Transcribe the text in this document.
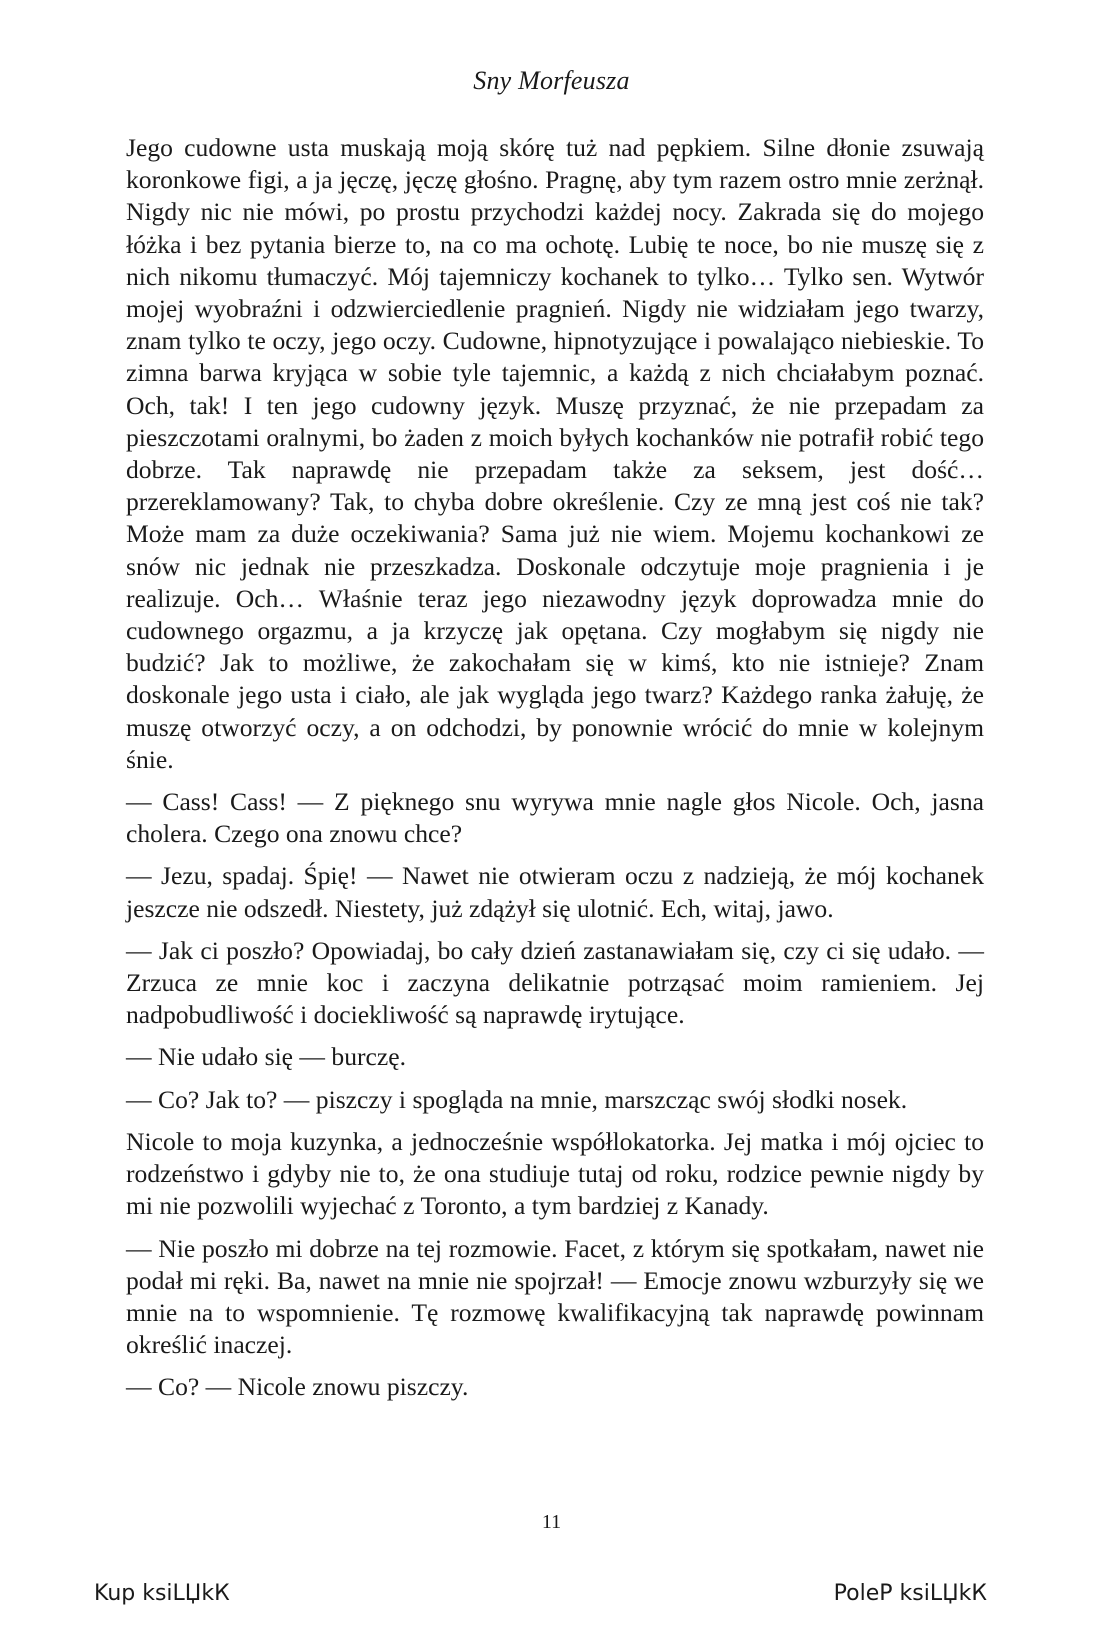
Sny Morfeusza

Jego cudowne usta muskają moją skórę tuż nad pępkiem. Silne dłonie zsuwają koronkowe figi, a ja jęczę, jęczę głośno. Pragnę, aby tym razem ostro mnie zerżnął. Nigdy nic nie mówi, po prostu przychodzi każdej nocy. Zakrada się do mojego łóżka i bez pytania bierze to, na co ma ochotę. Lubię te noce, bo nie muszę się z nich nikomu tłumaczyć. Mój tajemniczy kochanek to tylko… Tylko sen. Wytwór mojej wyobraźni i odzwierciedlenie pragnień. Nigdy nie widziałam jego twarzy, znam tylko te oczy, jego oczy. Cudowne, hipnotyzujące i powalająco niebieskie. To zimna barwa kryjąca w sobie tyle tajemnic, a każdą z nich chciałabym poznać. Och, tak! I ten jego cudowny język. Muszę przyznać, że nie przepadam za pieszczotami oralnymi, bo żaden z moich byłych kochanków nie potrafił robić tego dobrze. Tak naprawdę nie przepadam także za seksem, jest dość… przereklamowany? Tak, to chyba dobre określenie. Czy ze mną jest coś nie tak? Może mam za duże oczekiwania? Sama już nie wiem. Mojemu kochankowi ze snów nic jednak nie przeszkadza. Doskonale odczytuje moje pragnienia i je realizuje. Och… Właśnie teraz jego niezawodny język doprowadza mnie do cudownego orgazmu, a ja krzyczę jak opętana. Czy mogłabym się nigdy nie budzić? Jak to możliwe, że zakochałam się w kimś, kto nie istnieje? Znam doskonale jego usta i ciało, ale jak wygląda jego twarz? Każdego ranka żałuję, że muszę otworzyć oczy, a on odchodzi, by ponownie wrócić do mnie w kolejnym śnie.

— Cass! Cass! — Z pięknego snu wyrywa mnie nagle głos Nicole. Och, jasna cholera. Czego ona znowu chce?

— Jezu, spadaj. Śpię! — Nawet nie otwieram oczu z nadzieją, że mój kochanek jeszcze nie odszedł. Niestety, już zdążył się ulotnić. Ech, witaj, jawo.

— Jak ci poszło? Opowiadaj, bo cały dzień zastanawiałam się, czy ci się udało. — Zrzuca ze mnie koc i zaczyna delikatnie potrząsać moim ramieniem. Jej nadpobudliwość i dociekliwość są naprawdę irytujące.

— Nie udało się — burczę.

— Co? Jak to? — piszczy i spogląda na mnie, marszcząc swój słodki nosek.

Nicole to moja kuzynka, a jednocześnie współlokatorka. Jej matka i mój ojciec to rodzeństwo i gdyby nie to, że ona studiuje tutaj od roku, rodzice pewnie nigdy by mi nie pozwolili wyjechać z Toronto, a tym bardziej z Kanady.

— Nie poszło mi dobrze na tej rozmowie. Facet, z którym się spotkałam, nawet nie podał mi ręki. Ba, nawet na mnie nie spojrzał! — Emocje znowu wzburzyły się we mnie na to wspomnienie. Tę rozmowę kwalifikacyjną tak naprawdę powinnam określić inaczej.

— Co? — Nicole znowu piszczy.

11
Kup ksiLЏkК	PoleР ksiLЏkК
